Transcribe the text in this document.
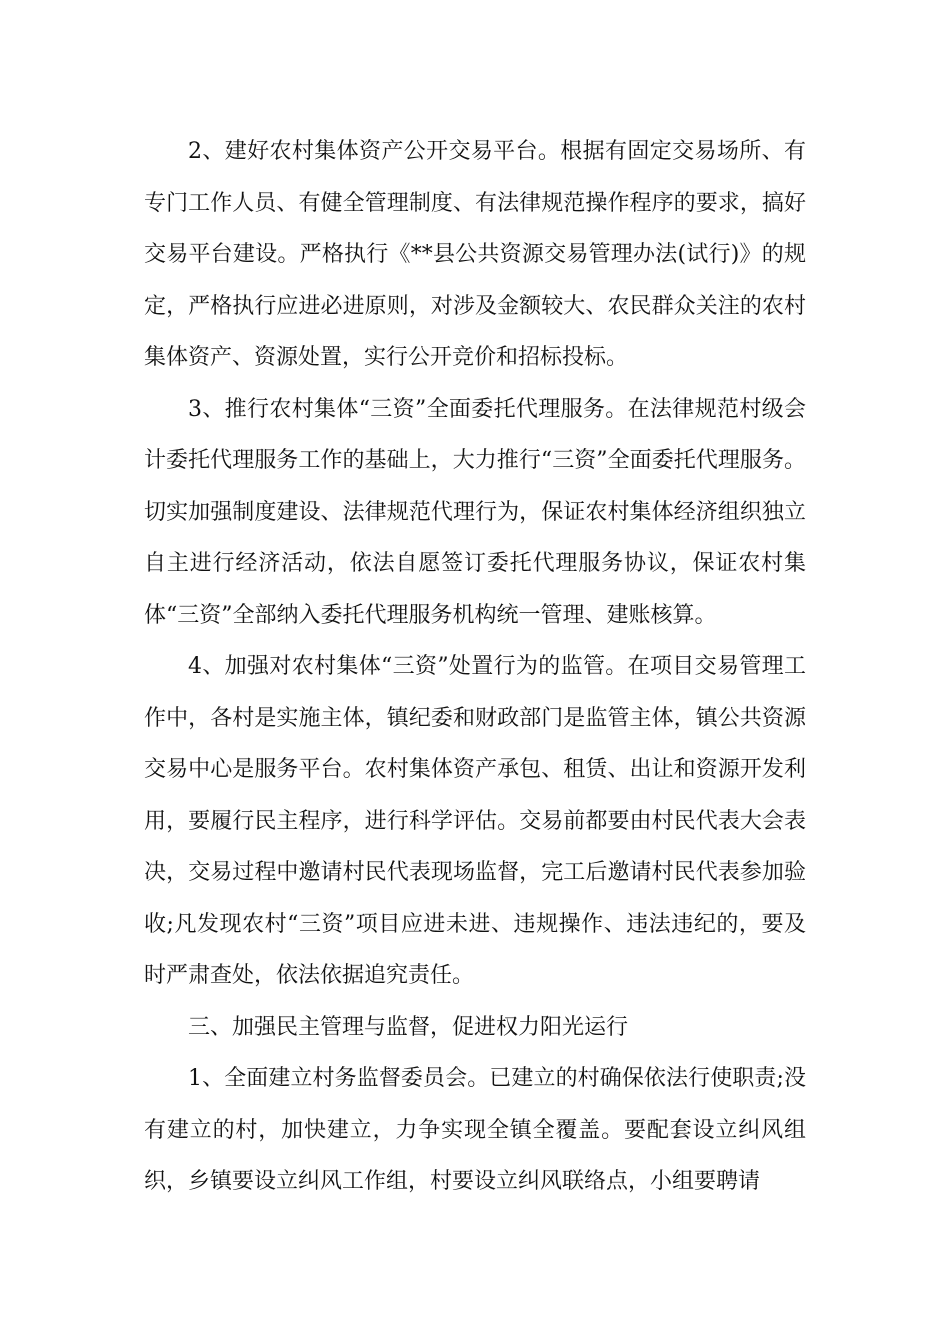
2、建好农村集体资产公开交易平台。根据有固定交易场所、有专门工作人员、有健全管理制度、有法律规范操作程序的要求，搞好交易平台建设。严格执行《**县公共资源交易管理办法(试行)》的规定，严格执行应进必进原则，对涉及金额较大、农民群众关注的农村集体资产、资源处置，实行公开竞价和招标投标。

3、推行农村集体“三资”全面委托代理服务。在法律规范村级会计委托代理服务工作的基础上，大力推行“三资”全面委托代理服务。切实加强制度建设、法律规范代理行为，保证农村集体经济组织独立自主进行经济活动，依法自愿签订委托代理服务协议，保证农村集体“三资”全部纳入委托代理服务机构统一管理、建账核算。

4、加强对农村集体“三资”处置行为的监管。在项目交易管理工作中，各村是实施主体，镇纪委和财政部门是监管主体，镇公共资源交易中心是服务平台。农村集体资产承包、租赁、出让和资源开发利用，要履行民主程序，进行科学评估。交易前都要由村民代表大会表决，交易过程中邀请村民代表现场监督，完工后邀请村民代表参加验收;凡发现农村“三资”项目应进未进、违规操作、违法违纪的，要及时严肃查处，依法依据追究责任。

三、加强民主管理与监督，促进权力阳光运行

1、全面建立村务监督委员会。已建立的村确保依法行使职责;没有建立的村，加快建立，力争实现全镇全覆盖。要配套设立纠风组织，乡镇要设立纠风工作组，村要设立纠风联络点，小组要聘请
